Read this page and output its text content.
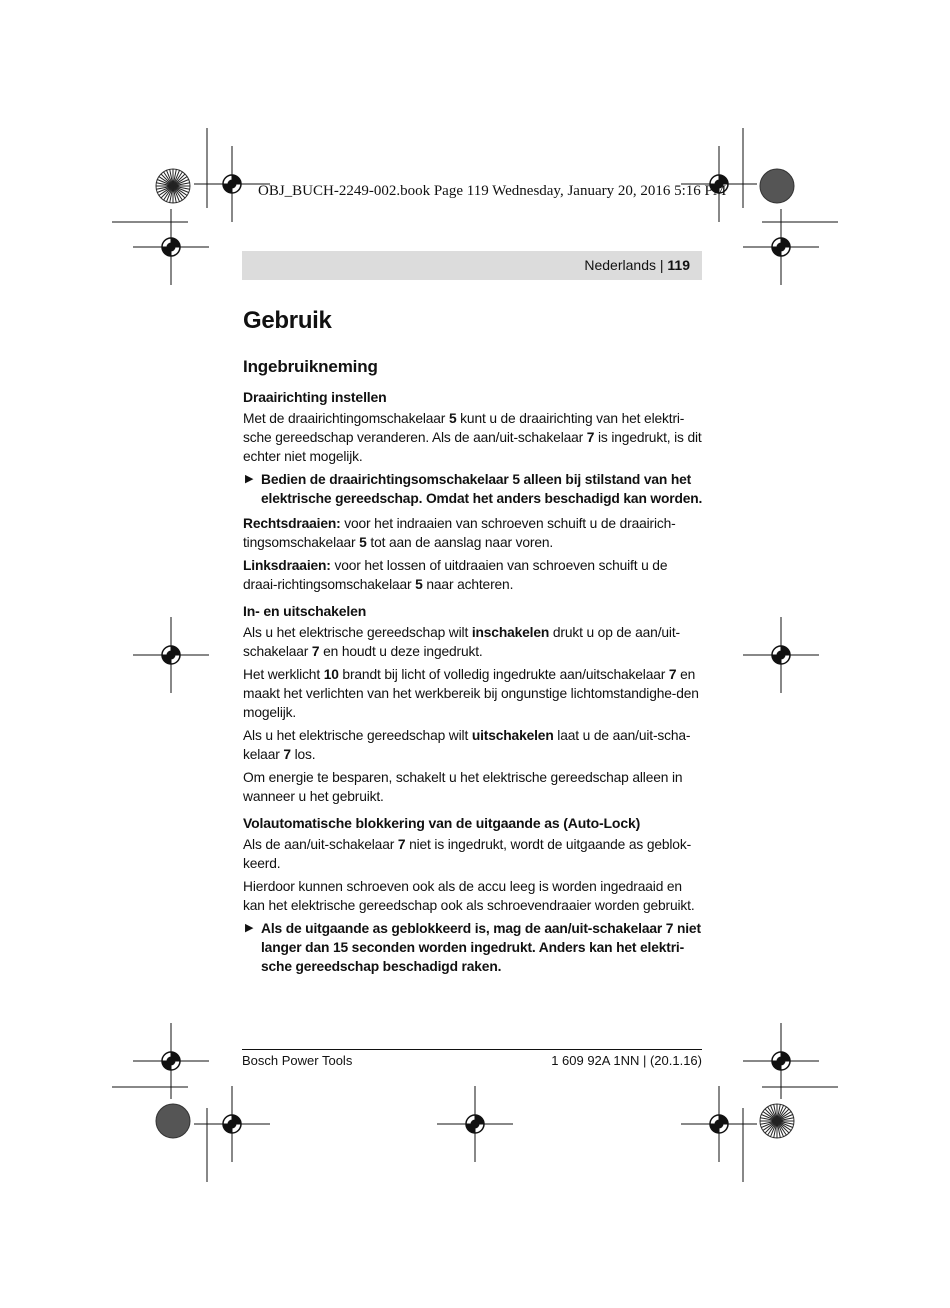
OBJ_BUCH-2249-002.book Page 119 Wednesday, January 20, 2016 5:16 PM
Nederlands | 119
Gebruik
Ingebruikneming
Draairichting instellen

Met de draairichtingomschakelaar 5 kunt u de draairichting van het elektri-sche gereedschap veranderen. Als de aan/uit-schakelaar 7 is ingedrukt, is dit echter niet mogelijk.

▶ Bedien de draairichtingsomschakelaar 5 alleen bij stilstand van het elektrische gereedschap. Omdat het anders beschadigd kan worden.

Rechtsdraaien: voor het indraaien van schroeven schuift u de draairich-tingsomschakelaar 5 tot aan de aanslag naar voren.

Linksdraaien: voor het lossen of uitdraaien van schroeven schuift u de draai-richtingsomschakelaar 5 naar achteren.

In- en uitschakelen

Als u het elektrische gereedschap wilt inschakelen drukt u op de aan/uit-schakelaar 7 en houdt u deze ingedrukt.

Het werklicht 10 brandt bij licht of volledig ingedrukte aan/uitschakelaar 7 en maakt het verlichten van het werkbereik bij ongunstige lichtomstandighe-den mogelijk.

Als u het elektrische gereedschap wilt uitschakelen laat u de aan/uit-scha-kelaar 7 los.

Om energie te besparen, schakelt u het elektrische gereedschap alleen in wanneer u het gebruikt.

Volautomatische blokkering van de uitgaande as (Auto-Lock)

Als de aan/uit-schakelaar 7 niet is ingedrukt, wordt de uitgaande as geblok-keerd.

Hierdoor kunnen schroeven ook als de accu leeg is worden ingedraaid en kan het elektrische gereedschap ook als schroevendraaier worden gebruikt.

▶ Als de uitgaande as geblokkeerd is, mag de aan/uit-schakelaar 7 niet langer dan 15 seconden worden ingedrukt. Anders kan het elektri-sche gereedschap beschadigd raken.
Bosch Power Tools	1 609 92A 1NN | (20.1.16)
